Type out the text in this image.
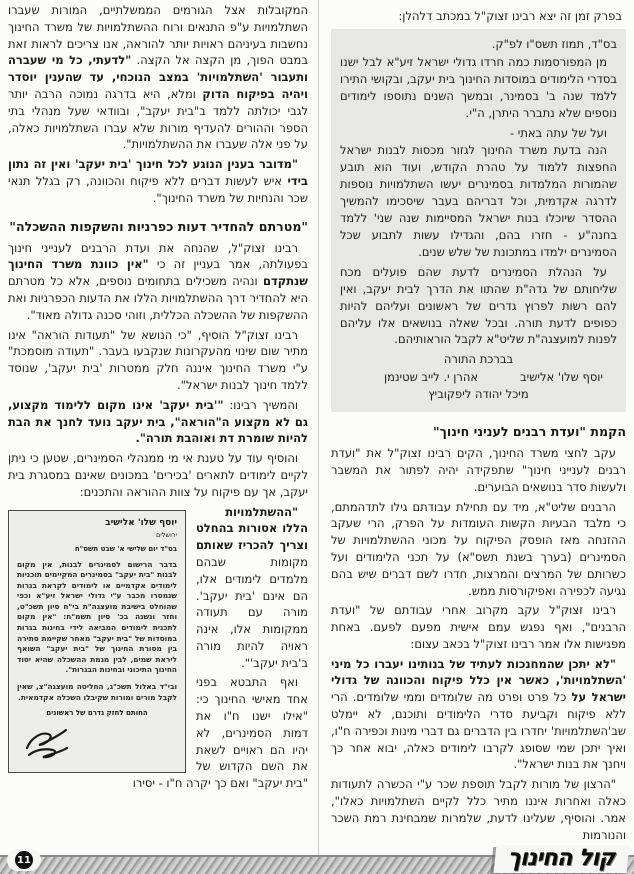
בפרק זמן זה יצא רבינו זצוק"ל במכתב דלהלן:

בס"ד, תמוז תשס"ו לפ"ק.

מן המפורסמות כמה חרדו גדולי ישראל זיע"א לבל ישנו בסדרי הלימודים במוסדות החינוך בית יעקב, ובקושי התירו ללמד שנה ב' בסמינר, ובמשך השנים נתוספו לימודים נוספים שלא נתברר היתרן, ה"י.

ועל של עתה באתי -

הנה בדעת משרד החינוך לגזור מכסות לבנות ישראל החפצות ללמוד על טהרת הקודש, ועוד הוא תובע שהמורות המלמדות בסמינרים יעשו השתלמויות נוספות לדרגה אקדמית, וכל דבריהם בעבר שיסכימו להמשיך ההסדר שיוכלו בנות ישראל המסיימות שנה שני' ללמד בחנה"ע - חזרו בהם, והגדילו עשות לתבוע שכל הסמינרים ילמדו במתכונת של שלש שנים.

על הנהלת הסמינרים לדעת שהם פועלים מכח שליחותם של גדה"ת שהתוו את הדרך לבית יעקב, ואין להם רשות לפרוץ גדרים של ראשונים ועליהם להיות כפופים לדעת תורה. ובכל שאלה בנושאים אלו עליהם לפנות למועצגה"ת שליט"א לקבל הוראותיהם.

בברכת התורה

יוסף שלו' אלישיב
אהרן י. לייב שטינמן

מיכל יהודה ליפקוביץ

הקמת "ועדת רבנים לעניני חינוך"

עקב לחצי משרד החינוך, הקים רבינו זצוק"ל את "ועדת רבנים לענייני חינוך" שתפקידה יהיה לפתור את המשבר ולעשות סדר בנושאים הבוערים.

הרבנים שליט"א, מיד עם תחילת עבודתם גילו לתדהמתם, כי מלבד הבעיות הקשות העומדות על הפרק, הרי שעקב ההזנחה מאז הופסק הפיקוח על מכוני ההשתלמויות של הסמינרים (בערך בשנת תשס"א) על תכני הלימודים ועל כשרותם של המרצים והמרצות, חדרו לשם דברים שיש בהם נגיעה לכפירה ואפיקורסות ממש.

רבינו זצוק"ל עקב מקרוב אחרי עבודתם של "ועדת הרבנים", ואף נפגש עמם אישית מפעם לפעם. באחת מפגישות אלו אמר רבינו זצוק"ל בכאב עצום:

"לא יתכן שהמחנכות לעתיד של בנותינו יעברו כל מיני 'השתלמויות', כאשר אין כלל פיקוח והכוונה של גדולי ישראל על כל פרט ופרט מה שלומדים וממי שלומדים. הרי ללא פיקוח וקביעת סדרי הלימודים ותוכנם, לא יימלט שב'השתלמויות' יחדרו בין הדברים גם דברי מינות וכפירה ח"ו, ואיך יתכן שמי שסופג לקרבו לימודים כאלה, יבוא אחר כך ויחנך את בנות ישראל".

"הרצון של מורות לקבל תוספת שכר ע"י הכשרה לתעודות כאלה ואחרות איננו מתיר כלל לקיים השתלמויות כאלו", אמר. והוסיף, שעלינו לדעת, שלמרות שמבחינת רמת השכר והנורמות

המקובלות אצל הגורמים הממשלתיים, המורות שעברו השתלמויות ע"פ התנאים ורוח ההשתלמויות של משרד החינוך נחשבות בעיניהם ראויות יותר להוראה, אנו צריכים לראות זאת במבט הפוך, מן הקצה אל הקצה. "לדעתי, כל מי שעברה ותעבור 'השתלמויות' במצב הנוכחי, עד שהענין יוסדר ויהיה בפיקוח הדוק ומלא, היא בדרגה נמוכה הרבה יותר לגבי יכולתה ללמד ב"בית יעקב", ובוודאי שעל מנהלי בתי הספר וההורים להעדיף מורות שלא עברו השתלמויות כאלה, על פני אלה שעברו את ההשתלמויות".

"מדובר בענין הנוגע לכל חינוך 'בית יעקב' ואין זה נתון בידי איש לעשות דברים ללא פיקוח והכוונה, רק בגלל תנאי שכר והנחיות של משרד החינוך".

"מטרתם להחדיר דעות כפרניות והשקפות ההשכלה"

רבינו זצוק"ל, שהנחה את ועדת הרבנים לענייני חינוך בפעולתה, אמר בעניין זה כי "אין כוונת משרד החינוך שנתקדם ונהיה משכילים בתחומים נוספים, אלא כל מטרתם היא להחדיר דרך ההשתלמויות הללו את הדעות הכפרניות ואת ההשקפות של ההשכלה הכללית, וזוהי סכנה גדולה מאוד".

רבינו זצוק"ל הוסיף, "כי הנושא של "תעודות הוראה" אינו מתיר שום שינוי מהעקרונות שנקבעו בעבר. "תעודה מוסמכת" ע"י משרד החינוך איננה חלק ממטרות 'בית יעקב', שנוסד ללמד חינוך לבנות ישראל".

והמשיך רבינו: "'בית יעקב' אינו מקום ללימוד מקצוע, גם לא מקצוע ה"הוראה", בית יעקב נועד לחנך את הבת להיות שומרת דת ואוהבת תורה".

והוסיף עוד על טענת אי מי ממנהלי הסמינרים, שטען כי ניתן לקיים לימודים לתארים 'בכירים' במכונים שאינם במסגרת בית יעקב, אך עם פיקוח על צוות ההוראה והתכנים:

יוסף שלו' אלישיב

ירושלים

בס"ד יום שלישי א' שבט תשס"ח

בדבר הרישום לסמינרים לבנות, אין מקום לבנות "בית יעקב" בסמינרים המקיימים תוכניות לימודים אקדמיים או לימודים לקראת בגרות שנמסרו מכבר ע"י גדולי ישראל זיע"א וכפי שהוחלט בישיבת מועצגה"ת בי"ח סיון תשכ"ט, וחזר ונשנה בכ' סיון תשמ"ח: "אין מקום לתכנית לימודים המביאה לידי בחינות בגרות במוסדות של "בית יעקב" מאחר שקיימת סתירה בין מסורת החינוך של "בית יעקב" השואף ליראת שמים, לבין מגמת ההשכלה שהיא יסוד החינוך התיכוני ובחינות הבגרות".

ובי"ד באלול תשכ"ג, החליטה מועצגה"צ, שאין לקבל מורים ומורות שקיבלו השכלה אקדמאית.

החותם לחזק גדרם של ראשונים

"ההשתלמויות הללו אסורות בהחלט וצריך להכריז שאותם מקומות שבהם מלמדים לימודים אלו, הם אינם 'בית יעקב'. מורה עם תעודה ממקומות אלו, אינה ראויה להיות מורה ב'בית יעקב'".

ואף התבטא בפני אחד מאישי החינוך כי: "אילו ישנו ח"ו את דמות הסמינרים, לא יהיו הם ראויים לשאת את השם הקדוש של "בית יעקב" ואם כך יקרה ח"ו - יסירו

11	קול החינוך
